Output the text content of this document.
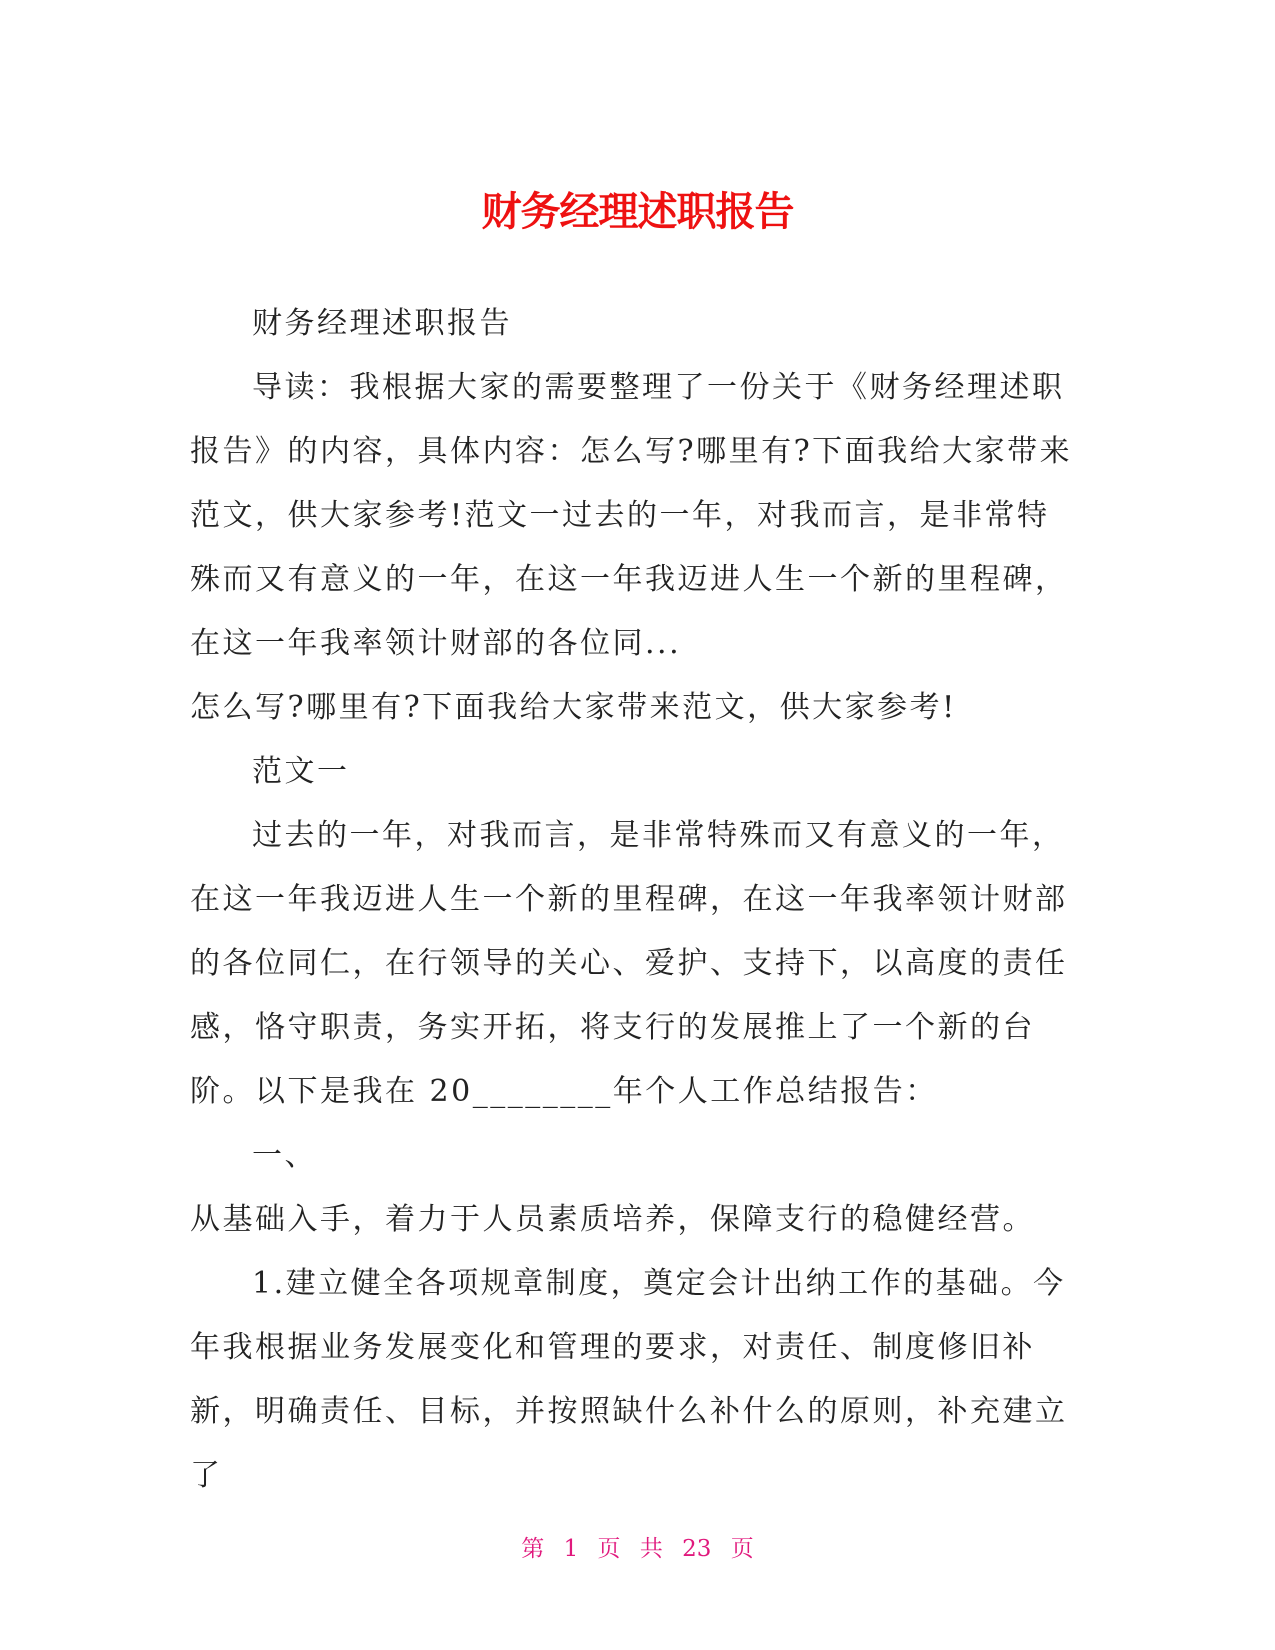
财务经理述职报告

财务经理述职报告

导读：我根据大家的需要整理了一份关于《财务经理述职报告》的内容，具体内容：怎么写?哪里有?下面我给大家带来范文，供大家参考!范文一过去的一年，对我而言，是非常特殊而又有意义的一年，在这一年我迈进人生一个新的里程碑，在这一年我率领计财部的各位同...

怎么写?哪里有?下面我给大家带来范文，供大家参考!

范文一

过去的一年，对我而言，是非常特殊而又有意义的一年，在这一年我迈进人生一个新的里程碑，在这一年我率领计财部的各位同仁，在行领导的关心、爱护、支持下，以高度的责任感，恪守职责，务实开拓，将支行的发展推上了一个新的台阶。以下是我在 20________年个人工作总结报告：

一、

从基础入手，着力于人员素质培养，保障支行的稳健经营。

1.建立健全各项规章制度，奠定会计出纳工作的基础。今年我根据业务发展变化和管理的要求，对责任、制度修旧补新，明确责任、目标，并按照缺什么补什么的原则，补充建立了

第 1 页 共 23 页
